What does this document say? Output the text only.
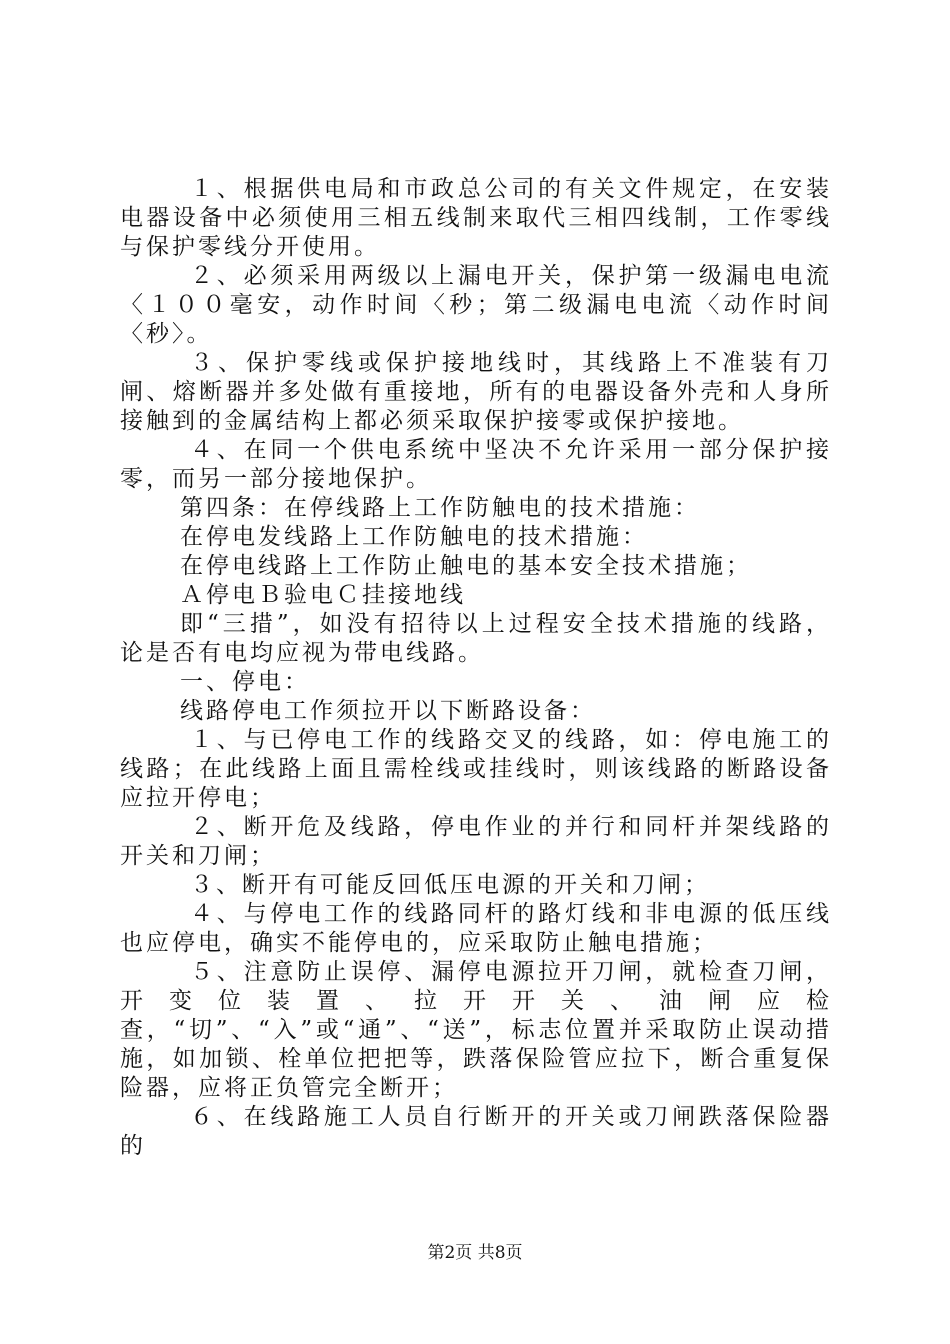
１、根据供电局和市政总公司的有关文件规定，在安装电器设备中必须使用三相五线制来取代三相四线制，工作零线与保护零线分开使用。

２、必须采用两级以上漏电开关，保护第一级漏电电流〈１００毫安，动作时间〈秒；第二级漏电电流〈动作时间〈秒〉。

３、保护零线或保护接地线时，其线路上不准装有刀闸、熔断器并多处做有重接地，所有的电器设备外壳和人身所接触到的金属结构上都必须采取保护接零或保护接地。

４、在同一个供电系统中坚决不允许采用一部分保护接零，而另一部分接地保护。

第四条：在停线路上工作防触电的技术措施：

在停电发线路上工作防触电的技术措施：

在停电线路上工作防止触电的基本安全技术措施；

Ａ停电Ｂ验电Ｃ挂接地线

即“三措”，如没有招待以上过程安全技术措施的线路，论是否有电均应视为带电线路。

一、停电：

线路停电工作须拉开以下断路设备：

１、与已停电工作的线路交叉的线路，如：停电施工的线路；在此线路上面且需栓线或挂线时，则该线路的断路设备应拉开停电；

２、断开危及线路，停电作业的并行和同杆并架线路的开关和刀闸；

３、断开有可能反回低压电源的开关和刀闸；

４、与停电工作的线路同杆的路灯线和非电源的低压线也应停电，确实不能停电的，应采取防止触电措施；

５、注意防止误停、漏停电源拉开刀闸，就检查刀闸，开变位装置、拉开开关、油闸应检查，“切”、“入”或“通”、“送”，标志位置并采取防止误动措施，如加锁、栓单位把把等，跌落保险管应拉下，断合重复保险器，应将正负管完全断开；

６、在线路施工人员自行断开的开关或刀闸跌落保险器的

第2页 共8页
